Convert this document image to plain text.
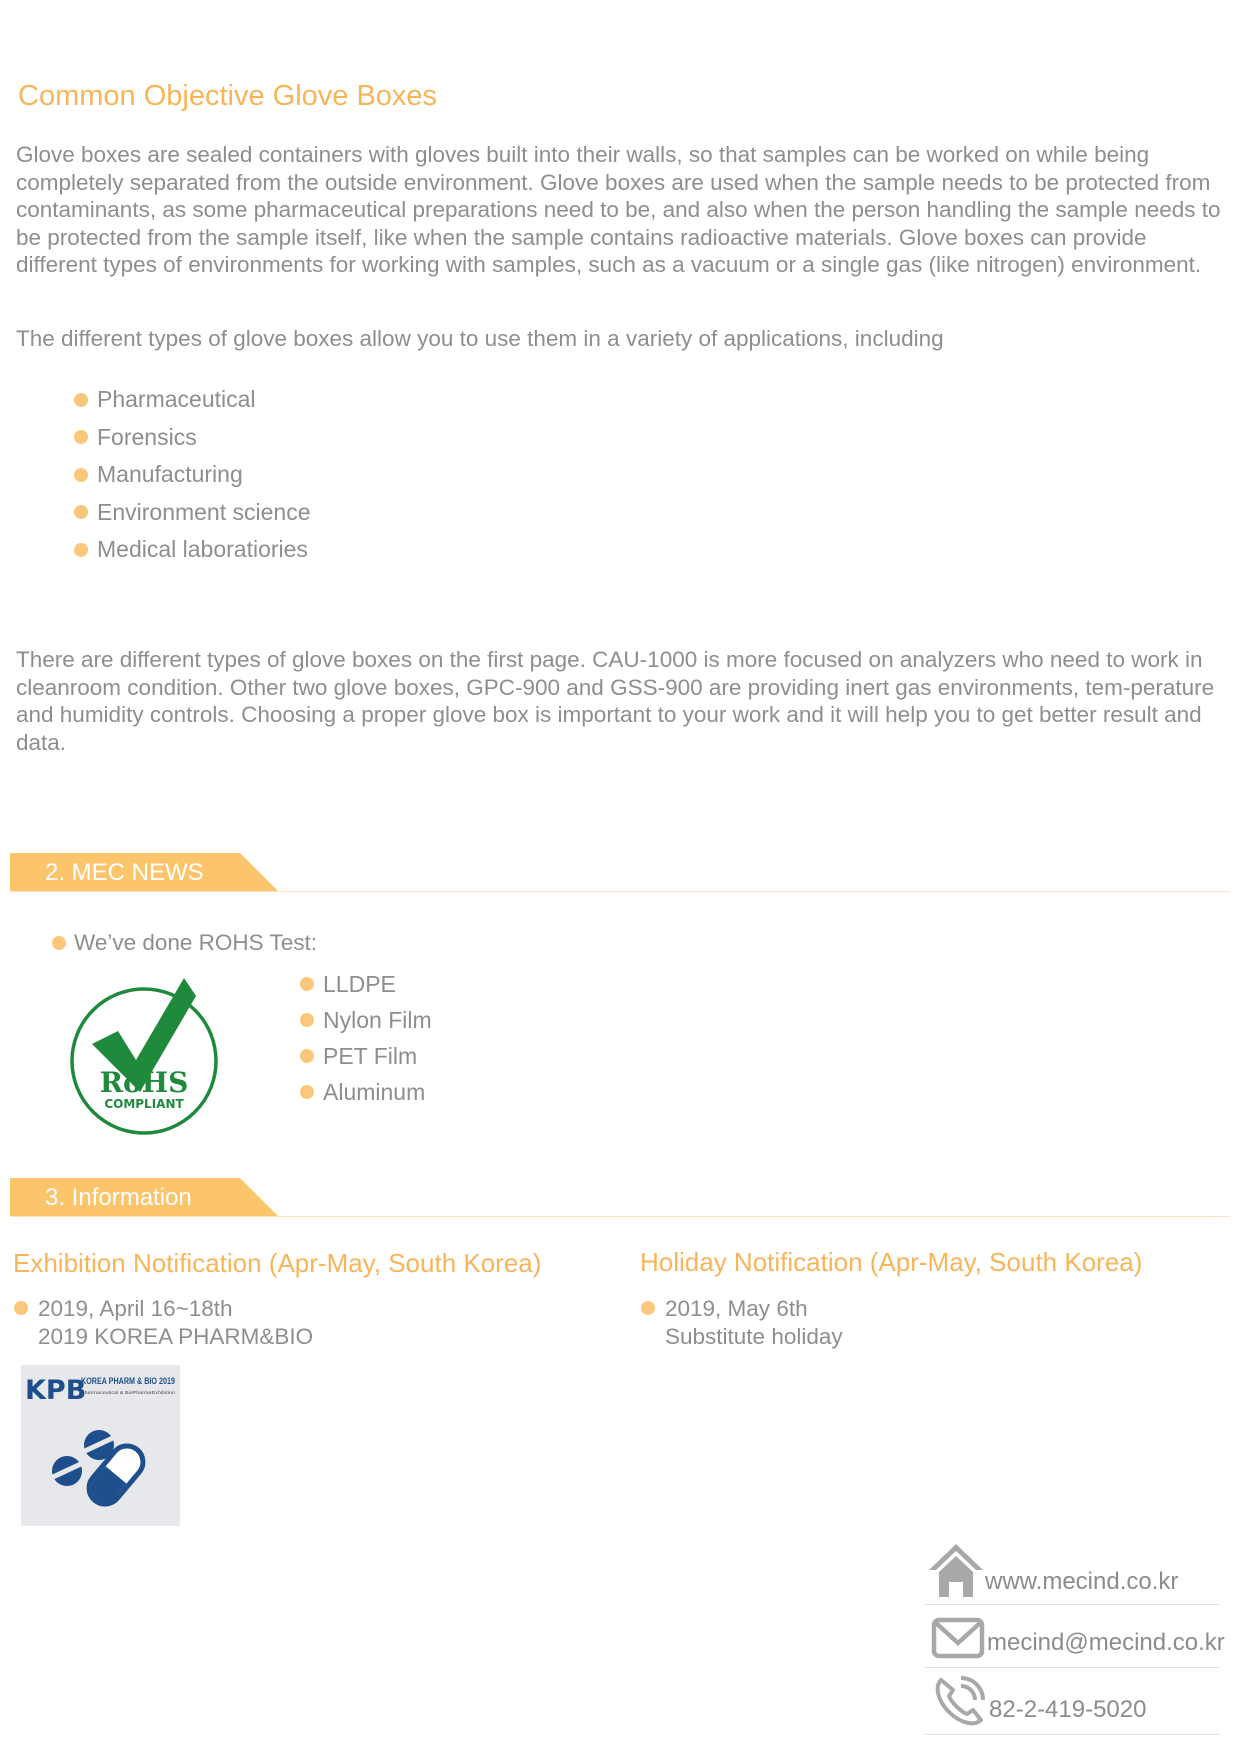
Common Objective Glove Boxes

Glove boxes are sealed containers with gloves built into their walls, so that samples can be worked on while being completely separated from the outside environment. Glove boxes are used when the sample needs to be protected from contaminants, as some pharmaceutical preparations need to be, and also when the person handling the sample needs to be protected from the sample itself, like when the sample contains radioactive materials. Glove boxes can provide different types of environments for working with samples, such as a vacuum or a single gas (like nitrogen) environment.

The different types of glove boxes allow you to use them in a variety of applications, including

Pharmaceutical
Forensics
Manufacturing
Environment science
Medical laboratiories

There are different types of glove boxes on the first page. CAU-1000 is more focused on analyzers who need to work in cleanroom condition. Other two glove boxes, GPC-900 and GSS-900 are providing inert gas environments, tem-perature and humidity controls. Choosing a proper glove box is important to your work and it will help you to get better result and data.

2. MEC NEWS
We’ve done ROHS Test:
RoHS
COMPLIANT
LLDPE
Nylon Film
PET Film
Aluminum
3. Information
Exhibition Notification (Apr-May, South Korea)
2019, April 16~18th
2019 KOREA PHARM&BIO
KPB
KOREA PHARM & BIO 2019
Pharmaceutical & BioPharmaExhibition
Holiday Notification (Apr-May, South Korea)
2019, May 6th
Substitute holiday
www.mecind.co.kr
mecind@mecind.co.kr
82-2-419-5020
